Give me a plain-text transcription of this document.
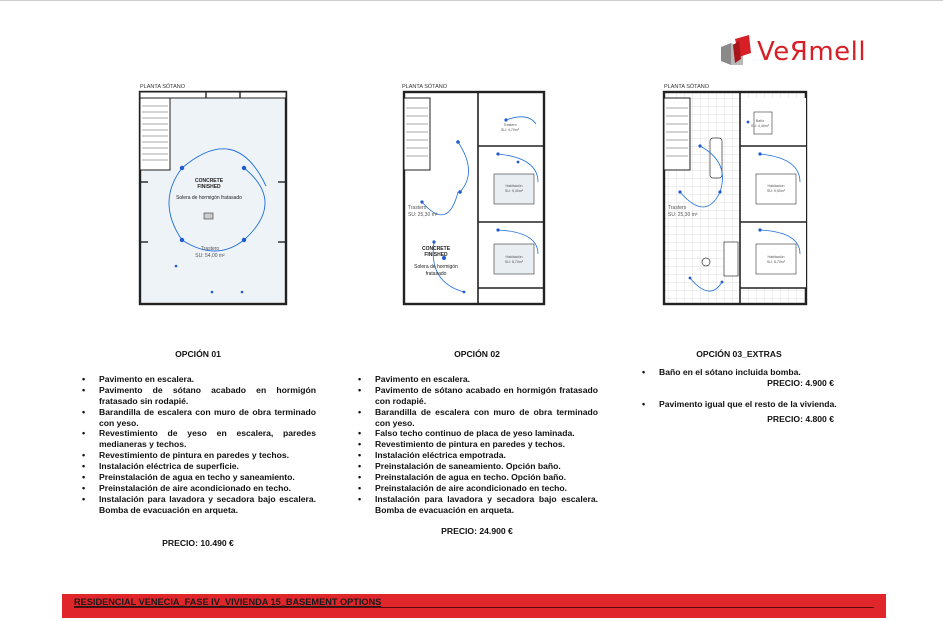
VeЯmell
PLANTA SÓTANO
CONCRETE
FINISHED
Solera de hormigón fratasado
Trastero
SU: 54,00 m²
PLANTA SÓTANO
Trastero
SU: 4,70m²
Habitación
SU: 9,40m²
Habitación
SU: 8,70m²
Trastero
SU: 25,30 m²
CONCRETE
FINISHED
Solera de hormigón
fratasado
PLANTA SÓTANO
Baño
SU: 4,40m²
Habitación
SU: 9,40m²
Habitación
SU: 8,70m²
Trastero
SU: 25,30 m²
OPCIÓN 01
• Pavimento en escalera.
• Pavimento de sótano acabado en hormigón fratasado sin rodapié.
• Barandilla de escalera con muro de obra terminado con yeso.
• Revestimiento de yeso en escalera, paredes medianeras y techos.
• Revestimiento de pintura en paredes y techos.
• Instalación eléctrica de superficie.
• Preinstalación de agua en techo y saneamiento.
• Preinstalación de aire acondicionado en techo.
• Instalación para lavadora y secadora bajo escalera. Bomba de evacuación en arqueta.
PRECIO: 10.490 €
OPCIÓN 02
• Pavimento en escalera.
• Pavimento de sótano acabado en hormigón fratasado con rodapié.
• Barandilla de escalera con muro de obra terminado con yeso.
• Falso techo continuo de placa de yeso laminada.
• Revestimiento de pintura en paredes y techos.
• Instalación eléctrica empotrada.
• Preinstalación de saneamiento. Opción baño.
• Preinstalación de agua en techo. Opción baño.
• Preinstalación de aire acondicionado en techo.
• Instalación para lavadora y secadora bajo escalera. Bomba de evacuación en arqueta.
PRECIO: 24.900 €
OPCIÓN 03_EXTRAS
• Baño en el sótano incluida bomba.
PRECIO: 4.900 €
• Pavimento igual que el resto de la vivienda.
PRECIO: 4.800 €
RESIDENCIAL VENECIA_FASE IV_VIVIENDA 15_BASEMENT OPTIONS
